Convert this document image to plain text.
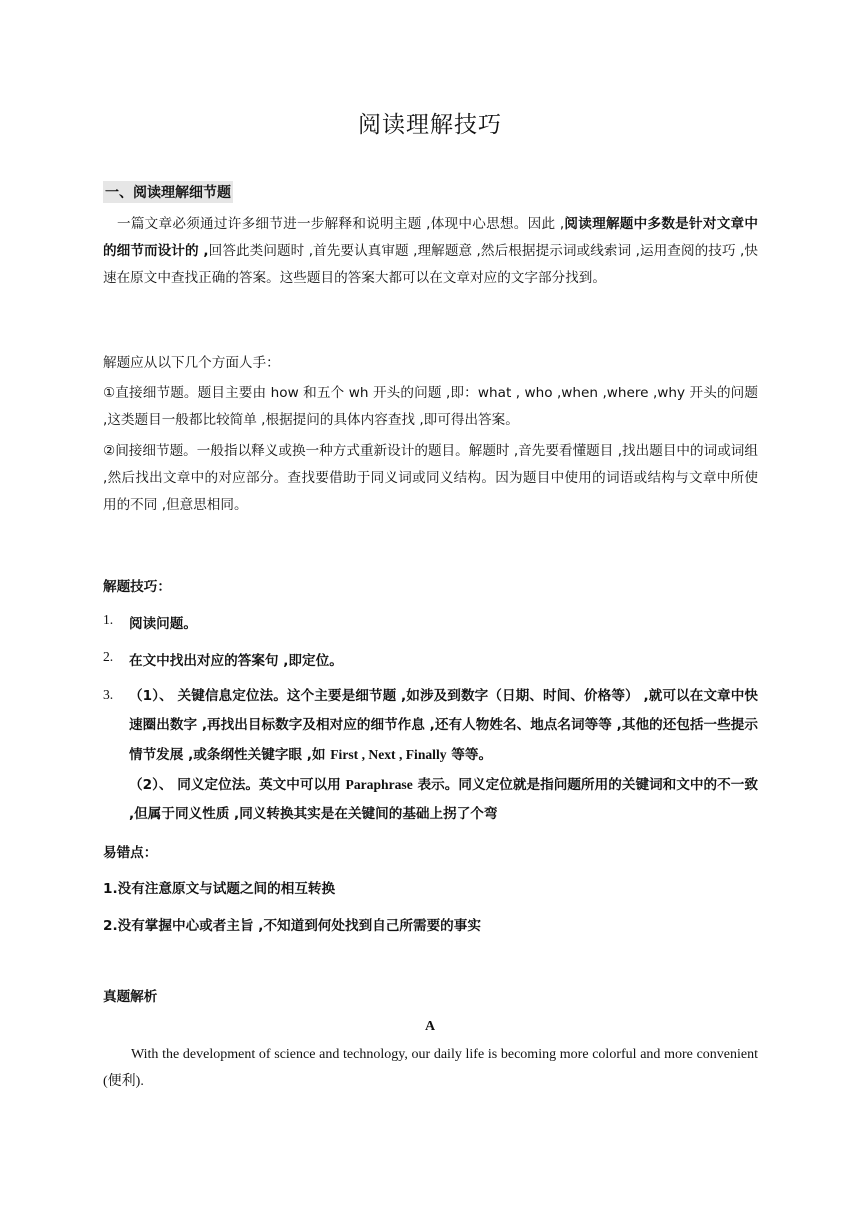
阅读理解技巧
一、阅读理解细节题
一篇文章必须通过许多细节进一步解释和说明主题 ,体现中心思想。因此 ,阅读理解题中多数是针对文章中的细节而设计的 ,回答此类问题时 ,首先要认真审题 ,理解题意 ,然后根据提示词或线索词 ,运用查阅的技巧 ,快速在原文中查找正确的答案。这些题目的答案大都可以在文章对应的文字部分找到。
解题应从以下几个方面人手：
①直接细节题。题目主要由 how 和五个 wh 开头的问题 ,即：what , who ,when ,where ,why 开头的问题 ,这类题目一般都比较简单 ,根据提问的具体内容查找 ,即可得出答案。
②间接细节题。一般指以释义或换一种方式重新设计的题目。解题时 ,音先要看懂题目 ,找出题目中的词或词组 ,然后找出文章中的对应部分。查找要借助于同义词或同义结构。因为题目中使用的词语或结构与文章中所使用的不同 ,但意思相同。
解题技巧：
1. 阅读问题。
2. 在文中找出对应的答案句 ,即定位。
3. （1）、 关键信息定位法。这个主要是细节题 ,如涉及到数字（日期、时间、价格等） ,就可以在文章中快速圈出数字 ,再找出目标数字及相对应的细节作息 ,还有人物姓名、地点名词等等 ,其他的还包括一些提示情节发展 ,或条纲性关键字眼 ,如 First , Next , Finally 等等。
（2）、 同义定位法。英文中可以用 Paraphrase 表示。同义定位就是指问题所用的关键词和文中的不一致 ,但属于同义性质 ,同义转换其实是在关键间的基础上拐了个弯
易错点：
1.没有注意原文与试题之间的相互转换
2.没有掌握中心或者主旨 ,不知道到何处找到自己所需要的事实
真题解析
A
With the development of science and technology, our daily life is becoming more colorful and more convenient (便利).
